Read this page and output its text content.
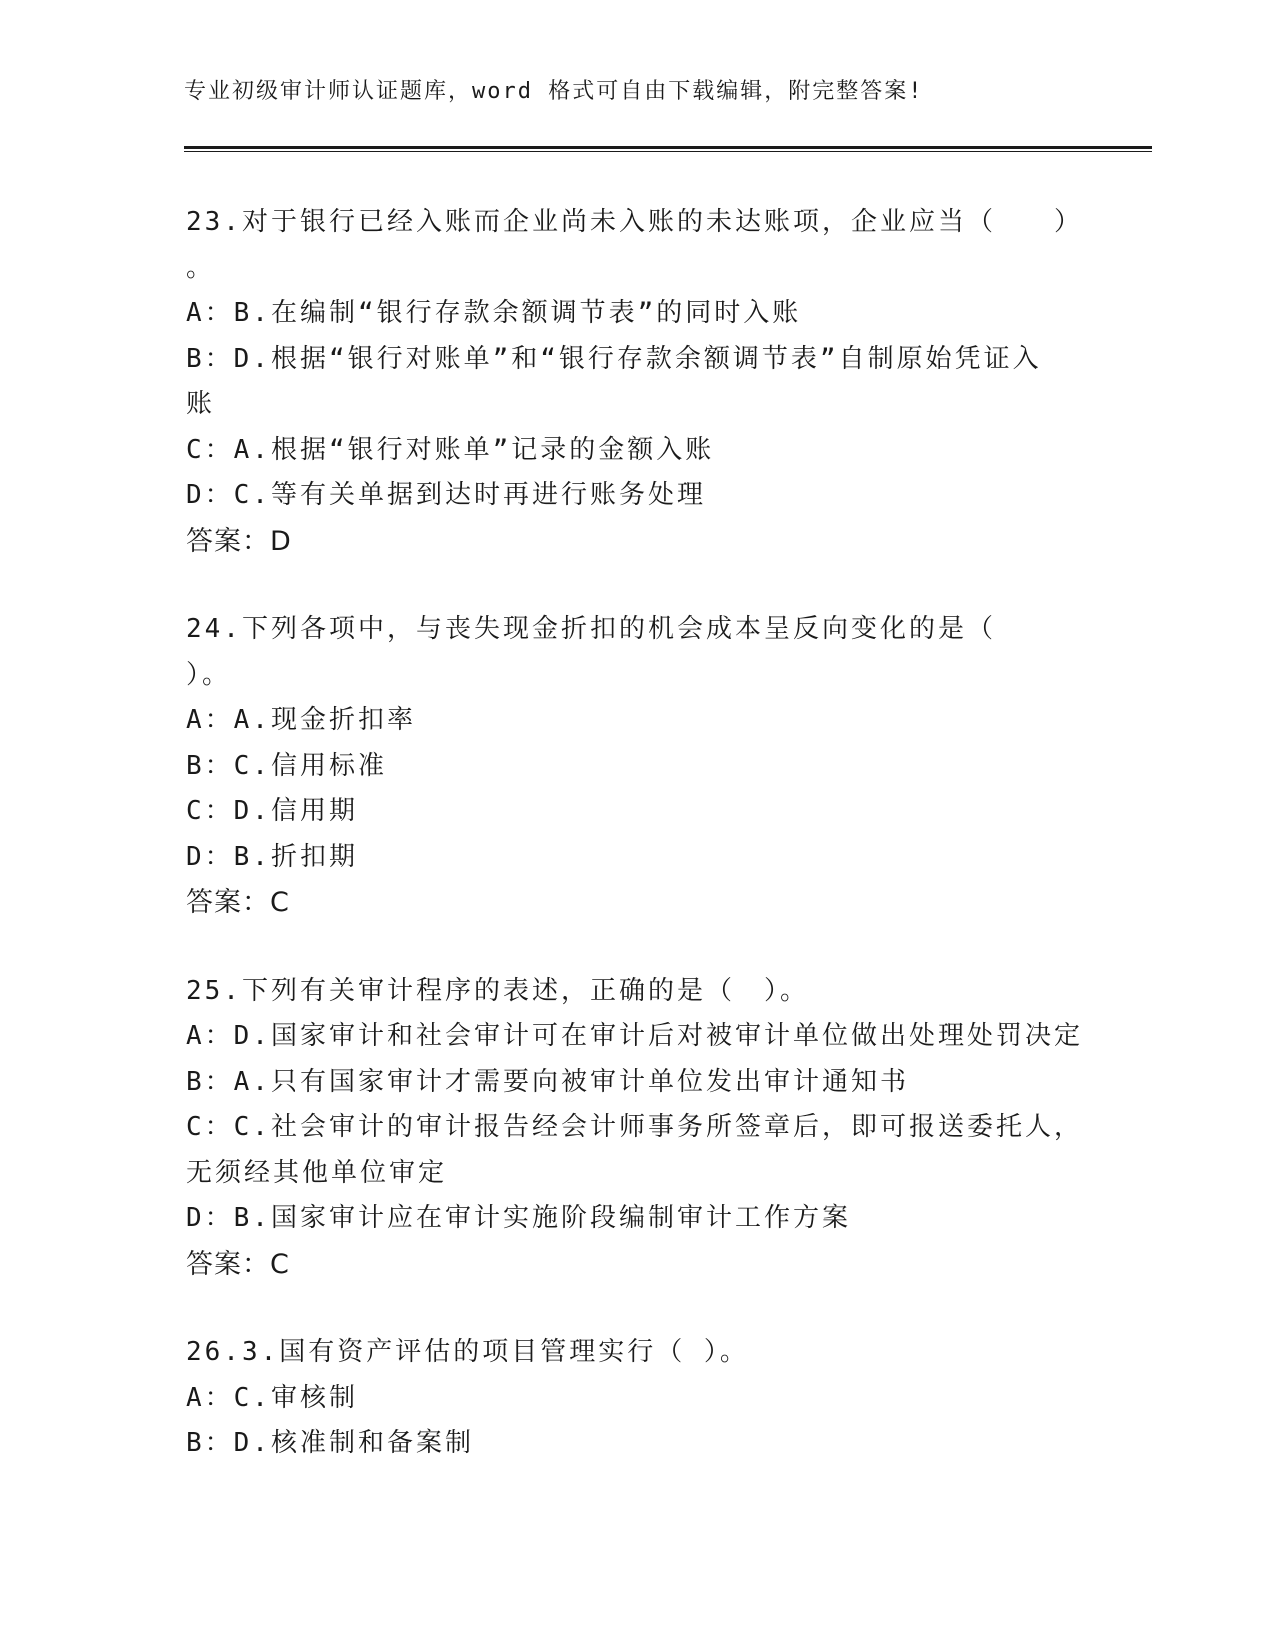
专业初级审计师认证题库，word 格式可自由下载编辑，附完整答案!
23.对于银行已经入账而企业尚未入账的未达账项，企业应当（　　）
。
A：B.在编制“银行存款余额调节表”的同时入账
B：D.根据“银行对账单”和“银行存款余额调节表”自制原始凭证入
账
C：A.根据“银行对账单”记录的金额入账
D：C.等有关单据到达时再进行账务处理
答案：D
24.下列各项中，与丧失现金折扣的机会成本呈反向变化的是（
）。
A：A.现金折扣率
B：C.信用标准
C：D.信用期
D：B.折扣期
答案：C
25.下列有关审计程序的表述，正确的是（　）。
A：D.国家审计和社会审计可在审计后对被审计单位做出处理处罚决定
B：A.只有国家审计才需要向被审计单位发出审计通知书
C：C.社会审计的审计报告经会计师事务所签章后，即可报送委托人，
无须经其他单位审定
D：B.国家审计应在审计实施阶段编制审计工作方案
答案：C
26.3.国有资产评估的项目管理实行（ ）。
A：C.审核制
B：D.核准制和备案制
